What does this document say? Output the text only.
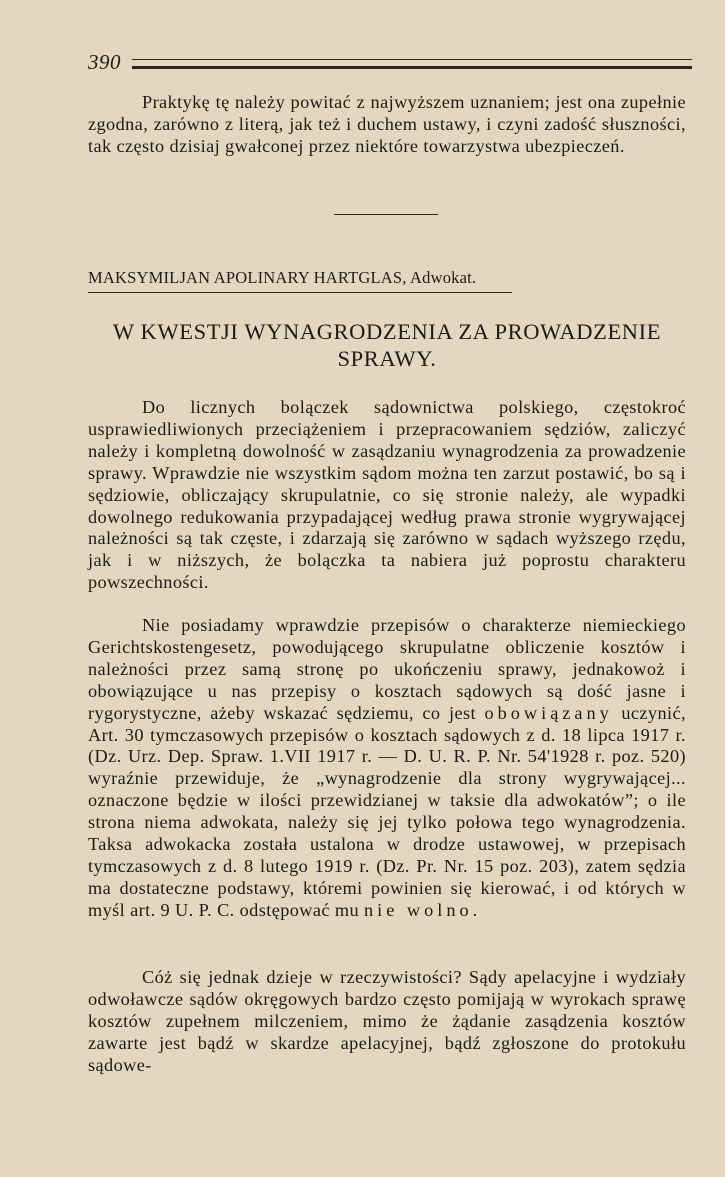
390
Praktykę tę należy powitać z najwyższem uznaniem; jest ona zupełnie zgodna, zarówno z literą, jak też i duchem ustawy, i czyni zadość słuszności, tak często dzisiaj gwałconej przez niektóre towarzystwa ubezpieczeń.
MAKSYMILJAN APOLINARY HARTGLAS, Adwokat.
W KWESTJI WYNAGRODZENIA ZA PROWADZENIE SPRAWY.
Do licznych bolączek sądownictwa polskiego, częstokroć usprawiedliwionych przeciążeniem i przepracowaniem sędziów, zaliczyć należy i kompletną dowolność w zasądzaniu wynagrodzenia za prowadzenie sprawy. Wprawdzie nie wszystkim sądom można ten zarzut postawić, bo są i sędziowie, obliczający skrupulatnie, co się stronie należy, ale wypadki dowolnego redukowania przypadającej według prawa stronie wygrywającej należności są tak częste, i zdarzają się zarówno w sądach wyższego rzędu, jak i w niższych, że bolączka ta nabiera już poprostu charakteru powszechności.
Nie posiadamy wprawdzie przepisów o charakterze niemieckiego Gerichtskostengesetz, powodującego skrupulatne obliczenie kosztów i należności przez samą stronę po ukończeniu sprawy, jednakowoż i obowiązujące u nas przepisy o kosztach sądowych są dość jasne i rygorystyczne, ażeby wskazać sędziemu, co jest obowiązany uczynić, Art. 30 tymczasowych przepisów o kosztach sądowych z d. 18 lipca 1917 r. (Dz. Urz. Dep. Spraw. 1.VII 1917 r. — D. U. R. P. Nr. 54'1928 r. poz. 520) wyraźnie przewiduje, że „wynagrodzenie dla strony wygrywającej... oznaczone będzie w ilości przewidzianej w taksie dla adwokatów”; o ile strona niema adwokata, należy się jej tylko połowa tego wynagrodzenia. Taksa adwokacka została ustalona w drodze ustawowej, w przepisach tymczasowych z d. 8 lutego 1919 r. (Dz. Pr. Nr. 15 poz. 203), zatem sędzia ma dostateczne podstawy, któremi powinien się kierować, i od których w myśl art. 9 U. P. C. odstępować mu nie wolno.
Cóż się jednak dzieje w rzeczywistości? Sądy apelacyjne i wydziały odwoławcze sądów okręgowych bardzo często pomijają w wyrokach sprawę kosztów zupełnem milczeniem, mimo że żądanie zasądzenia kosztów zawarte jest bądź w skardze apelacyjnej, bądź zgłoszone do protokułu sądowe-
